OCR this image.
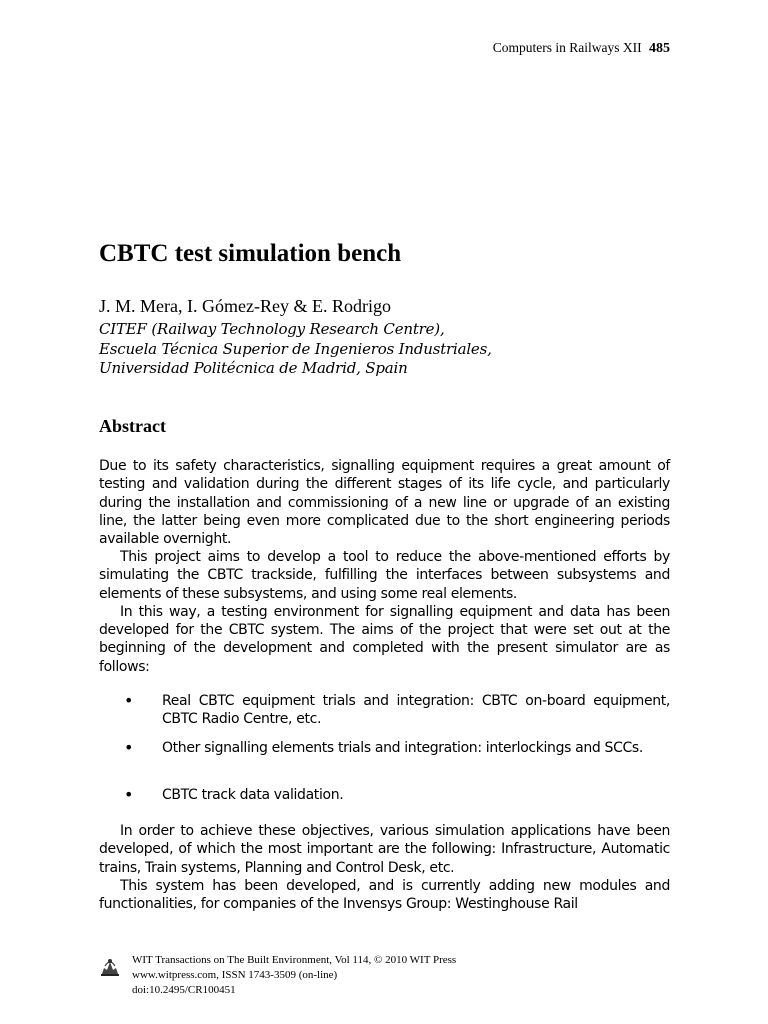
Computers in Railways XII 485
CBTC test simulation bench
J. M. Mera, I. Gómez-Rey & E. Rodrigo
CITEF (Railway Technology Research Centre),
Escuela Técnica Superior de Ingenieros Industriales,
Universidad Politécnica de Madrid, Spain
Abstract

Due to its safety characteristics, signalling equipment requires a great amount of testing and validation during the different stages of its life cycle, and particularly during the installation and commissioning of a new line or upgrade of an existing line, the latter being even more complicated due to the short engineering periods available overnight.

This project aims to develop a tool to reduce the above-mentioned efforts by simulating the CBTC trackside, fulfilling the interfaces between subsystems and elements of these subsystems, and using some real elements.

In this way, a testing environment for signalling equipment and data has been developed for the CBTC system. The aims of the project that were set out at the beginning of the development and completed with the present simulator are as follows:

• Real CBTC equipment trials and integration: CBTC on-board equipment, CBTC Radio Centre, etc.
• Other signalling elements trials and integration: interlockings and SCCs.
• CBTC track data validation.

In order to achieve these objectives, various simulation applications have been developed, of which the most important are the following: Infrastructure, Automatic trains, Train systems, Planning and Control Desk, etc.

This system has been developed, and is currently adding new modules and functionalities, for companies of the Invensys Group: Westinghouse Rail

WIT Transactions on The Built Environment, Vol 114, © 2010 WIT Press
www.witpress.com, ISSN 1743-3509 (on-line)
doi:10.2495/CR100451
